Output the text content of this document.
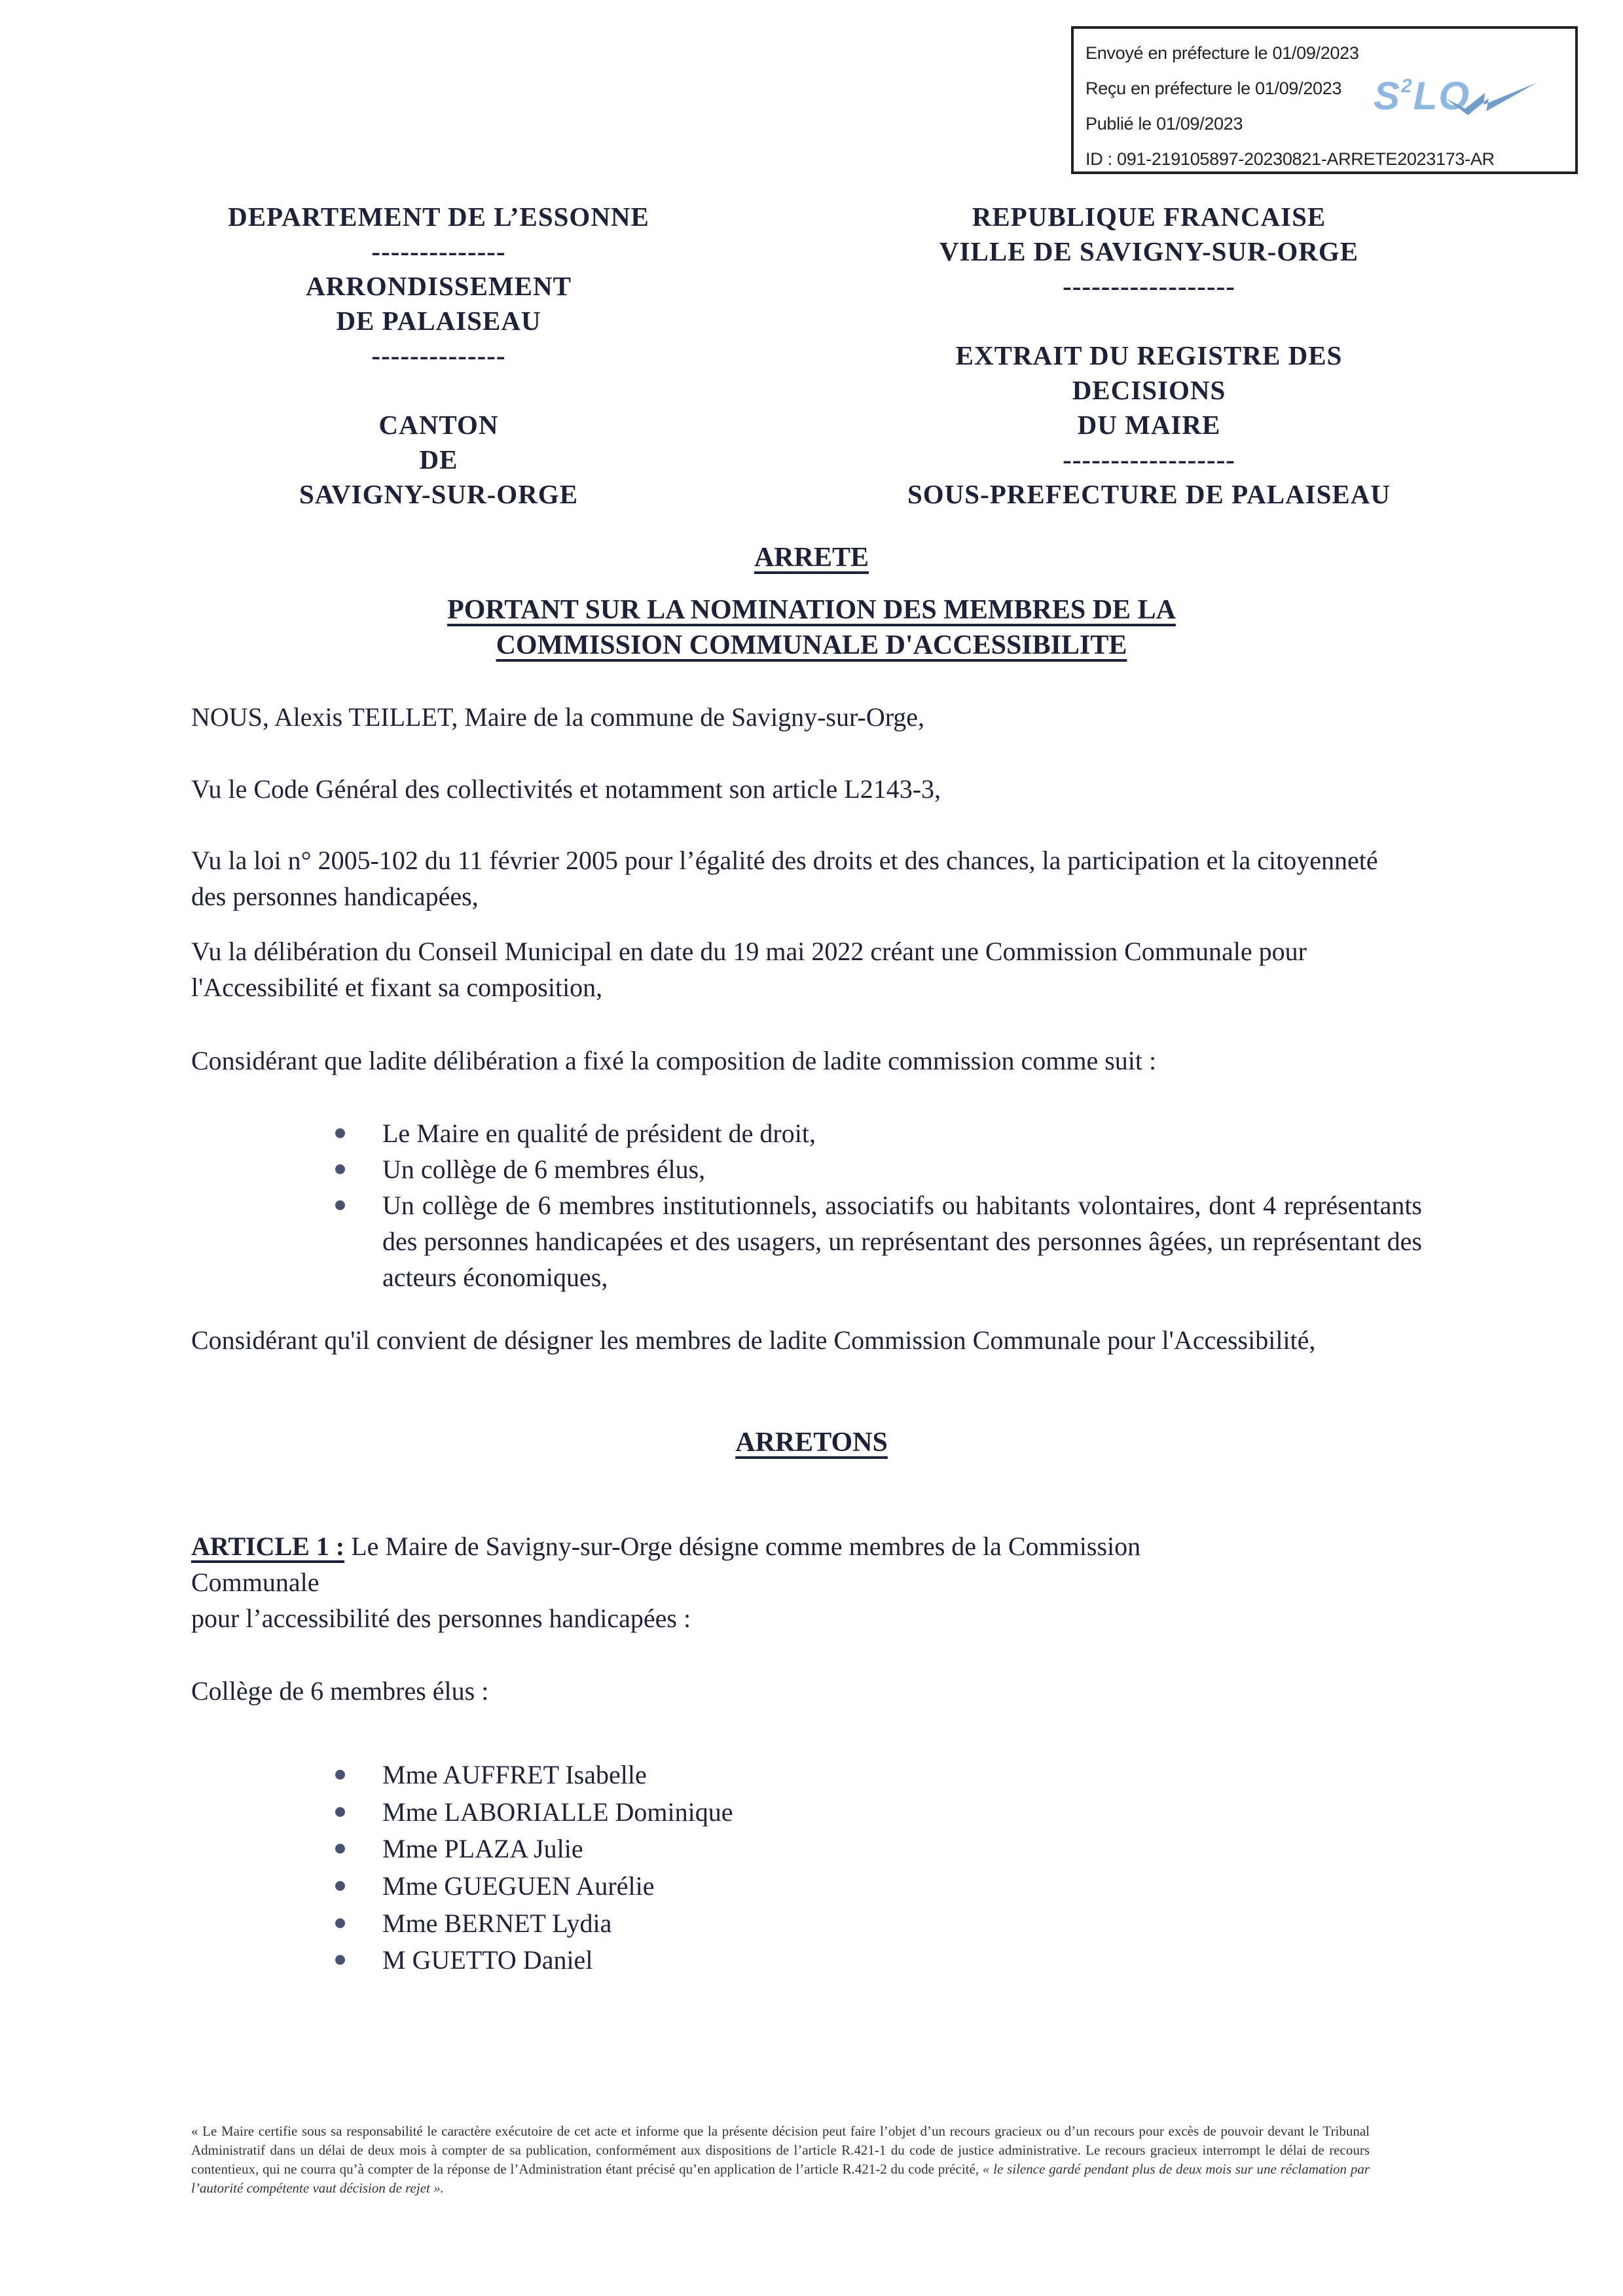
Envoyé en préfecture le 01/09/2023
Reçu en préfecture le 01/09/2023
Publié le 01/09/2023
ID : 091-219105897-20230821-ARRETE2023173-AR
$S^2LO$
DEPARTEMENT DE L’ESSONNE
--------------
ARRONDISSEMENT
DE PALAISEAU
--------------
CANTON
DE
SAVIGNY-SUR-ORGE
REPUBLIQUE FRANCAISE
VILLE DE SAVIGNY-SUR-ORGE
------------------
EXTRAIT DU REGISTRE DES
DECISIONS
DU MAIRE
------------------
SOUS-PREFECTURE DE PALAISEAU
ARRETE
PORTANT SUR LA NOMINATION DES MEMBRES DE LA
COMMISSION COMMUNALE D'ACCESSIBILITE
NOUS, Alexis TEILLET, Maire de la commune de Savigny-sur-Orge,
Vu le Code Général des collectivités et notamment son article L2143-3,
Vu la loi n° 2005-102 du 11 février 2005 pour l’égalité des droits et des chances, la participation et la citoyenneté des personnes handicapées,
Vu la délibération du Conseil Municipal en date du 19 mai 2022 créant une Commission Communale pour l'Accessibilité et fixant sa composition,
Considérant que ladite délibération a fixé la composition de ladite commission comme suit :
Le Maire en qualité de président de droit,
Un collège de 6 membres élus,
Un collège de 6 membres institutionnels, associatifs ou habitants volontaires, dont 4 représentants des personnes handicapées et des usagers, un représentant des personnes âgées, un représentant des acteurs économiques,
Considérant qu'il convient de désigner les membres de ladite Commission Communale pour l'Accessibilité,
ARRETONS
ARTICLE 1 : Le Maire de Savigny-sur-Orge désigne comme membres de la Commission
Communale
pour l’accessibilité des personnes handicapées :
Collège de 6 membres élus :
Mme AUFFRET Isabelle
Mme LABORIALLE Dominique
Mme PLAZA Julie
Mme GUEGUEN Aurélie
Mme BERNET Lydia
M GUETTO Daniel
« Le Maire certifie sous sa responsabilité le caractère exécutoire de cet acte et informe que la présente décision peut faire l’objet d’un recours gracieux ou d’un recours pour excès de pouvoir devant le Tribunal Administratif dans un délai de deux mois à compter de sa publication, conformément aux dispositions de l’article R.421-1 du code de justice administrative. Le recours gracieux interrompt le délai de recours contentieux, qui ne courra qu’à compter de la réponse de l’Administration étant précisé qu’en application de l’article R.421-2 du code précité, « le silence gardé pendant plus de deux mois sur une réclamation par l’autorité compétente vaut décision de rejet ».
